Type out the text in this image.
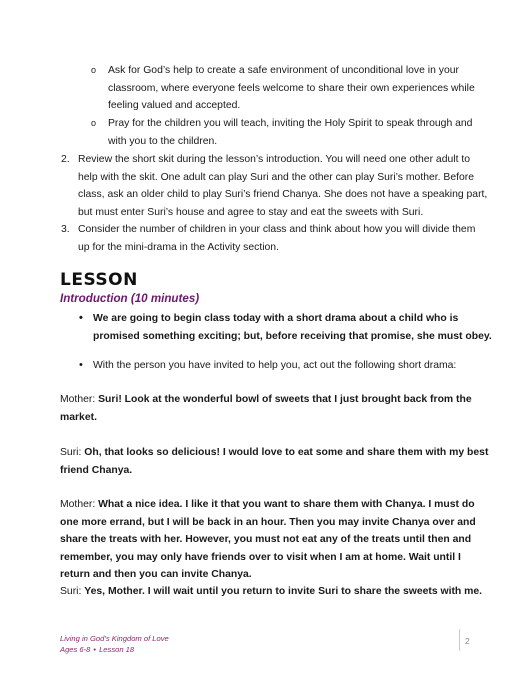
o Ask for God’s help to create a safe environment of unconditional love in your classroom, where everyone feels welcome to share their own experiences while feeling valued and accepted.
o Pray for the children you will teach, inviting the Holy Spirit to speak through and with you to the children.
2. Review the short skit during the lesson’s introduction. You will need one other adult to help with the skit. One adult can play Suri and the other can play Suri’s mother. Before class, ask an older child to play Suri’s friend Chanya. She does not have a speaking part, but must enter Suri’s house and agree to stay and eat the sweets with Suri.
3. Consider the number of children in your class and think about how you will divide them up for the mini-drama in the Activity section.
LESSON
Introduction (10 minutes)
• We are going to begin class today with a short drama about a child who is promised something exciting; but, before receiving that promise, she must obey.
• With the person you have invited to help you, act out the following short drama:
Mother: Suri! Look at the wonderful bowl of sweets that I just brought back from the market.
Suri: Oh, that looks so delicious! I would love to eat some and share them with my best friend Chanya.
Mother: What a nice idea. I like it that you want to share them with Chanya. I must do one more errand, but I will be back in an hour. Then you may invite Chanya over and share the treats with her. However, you must not eat any of the treats until then and remember, you may only have friends over to visit when I am at home. Wait until I return and then you can invite Chanya.
Suri: Yes, Mother. I will wait until you return to invite Suri to share the sweets with me.
Living in God’s Kingdom of Love
Ages 6-8 • Lesson 18
2
